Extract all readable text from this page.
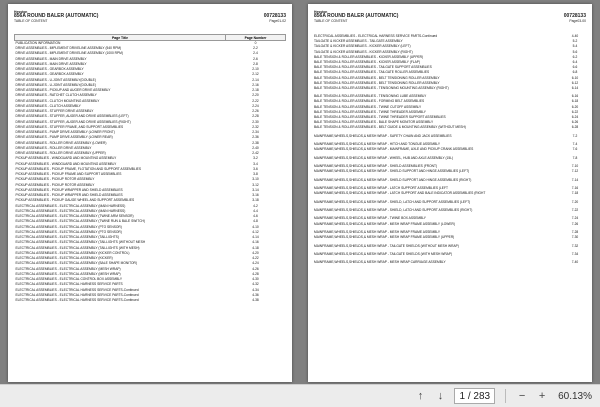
Hesston
856A ROUND BALER (AUTOMATIC)	00728133
TABLE OF CONTENT	Page01-02
Page Title	Page Number
PUBLICATION INFORMATION	0
DRIVE ASSEMBLIES - IMPLEMENT DRIVELINE ASSEMBLY (540 RPM)	2-2
DRIVE ASSEMBLIES - IMPLEMENT DRIVELINE ASSEMBLY (1000 RPM)	2-4
DRIVE ASSEMBLIES - MAIN DRIVE ASSEMBLY	2-6
DRIVE ASSEMBLIES - MAIN DRIVE ASSEMBLY	2-8
DRIVE ASSEMBLIES - GEARBOX ASSEMBLY	2-10
DRIVE ASSEMBLIES - GEARBOX ASSEMBLY	2-12
DRIVE ASSEMBLIES - U-JOINT ASSEMBLY(DOUBLE)	2-14
DRIVE ASSEMBLIES - U-JOINT ASSEMBLY(DOUBLE)	2-16
DRIVE ASSEMBLIES - PICKUP AND AUGER DRIVE ASSEMBLY	2-18
DRIVE ASSEMBLIES - RATCHET CLUTCH ASSEMBLY	2-20
DRIVE ASSEMBLIES - CLUTCH MOUNTING ASSEMBLY	2-22
DRIVE ASSEMBLIES - CLUTCH ASSEMBLY	2-24
DRIVE ASSEMBLIES - STUFFER DRIVE ASSEMBLY	2-26
DRIVE ASSEMBLIES - STUFFER, AUGER AND DRIVE ASSEMBLIES (LEFT)	2-28
DRIVE ASSEMBLIES - STUFFER, AUGER AND DRIVE ASSEMBLIES (RIGHT)	2-30
DRIVE ASSEMBLIES - STUFFER FRAME, AND SUPPORT ASSEMBLIES	2-32
DRIVE ASSEMBLIES - PUMP DRIVE ASSEMBLY (LOWER FRONT)	2-34
DRIVE ASSEMBLIES - PUMP DRIVE ASSEMBLY (LOWER REAR)	2-36
DRIVE ASSEMBLIES - ROLLER DRIVE ASSEMBLY (LOWER)	2-38
DRIVE ASSEMBLIES - ROLLER DRIVE ASSEMBLY	2-40
DRIVE ASSEMBLIES - ROLLER DRIVE ASSEMBLY (UPPER)	2-42
PICKUP ASSEMBLIES - WINDGUARD AND MOUNTING ASSEMBLY	3-2
PICKUP ASSEMBLIES - WINDGUARD AND MOUNTING ASSEMBLY	3-4
PICKUP ASSEMBLIES - PICKUP FRAME, FLOTATION AND SUPPORT ASSEMBLIES	3-6
PICKUP ASSEMBLIES - PICKUP FRAME AND SUPPORT ASSEMBLIES	3-8
PICKUP ASSEMBLIES - PICKUP ROTOR ASSEMBLY	3-10
PICKUP ASSEMBLIES - PICKUP ROTOR ASSEMBLY	3-12
PICKUP ASSEMBLIES - PICKUP WRAPPER AND SHIELD ASSEMBLIES	3-14
PICKUP ASSEMBLIES - PICKUP WRAPPER AND SHIELD ASSEMBLIES	3-16
PICKUP ASSEMBLIES - PICKUP GAUGE WHEEL AND SUPPORT ASSEMBLIES	3-18
ELECTRICAL ASSEMBLIES - ELECTRICAL ASSEMBLY (MAIN HARNESS)	4-2
ELECTRICAL ASSEMBLIES - ELECTRICAL ASSEMBLY (MAIN HARNESS)	4-4
ELECTRICAL ASSEMBLIES - ELECTRICAL ASSEMBLY (TWINE ARM SENSOR)	4-6
ELECTRICAL ASSEMBLIES - ELECTRICAL ASSEMBLY (TWINE RUN & BALE SWITCH)	4-8
ELECTRICAL ASSEMBLIES - ELECTRICAL ASSEMBLY (PTO SENSOR)	4-10
ELECTRICAL ASSEMBLIES - ELECTRICAL ASSEMBLY (PTO SENSOR)	4-12
ELECTRICAL ASSEMBLIES - ELECTRICAL ASSEMBLY (TAILLIGHTS)	4-14
ELECTRICAL ASSEMBLIES - ELECTRICAL ASSEMBLY (TAILLIGHTS (WITHOUT MESH	4-16
ELECTRICAL ASSEMBLIES - ELECTRICAL ASSEMBLY (TAILLIGHTS (WITH MESH)	4-18
ELECTRICAL ASSEMBLIES - ELECTRICAL ASSEMBLY (KICKER CONTROL)	4-20
ELECTRICAL ASSEMBLIES - ELECTRICAL ASSEMBLY (KICKER)	4-22
ELECTRICAL ASSEMBLIES - ELECTRICAL ASSEMBLY (BALE SHAPE MONITOR)	4-24
ELECTRICAL ASSEMBLIES - ELECTRICAL ASSEMBLY (MESH WRAP)	4-26
ELECTRICAL ASSEMBLIES - ELECTRICAL ASSEMBLY (MESH WRAP)	4-28
ELECTRICAL ASSEMBLIES - ELECTRICAL CONTROL BOX ASSEMBLY	4-30
ELECTRICAL ASSEMBLIES - ELECTRICAL HARNESS SERVICE PARTS	4-32
ELECTRICAL ASSEMBLIES - ELECTRICAL HARNESS SERVICE PARTS-Continued	4-34
ELECTRICAL ASSEMBLIES - ELECTRICAL HARNESS SERVICE PARTS-Continued	4-36
ELECTRICAL ASSEMBLIES - ELECTRICAL HARNESS SERVICE PARTS-Continued	4-38
Hesston
856A ROUND BALER (AUTOMATIC)	00728133
TABLE OF CONTENT	Page03-00
ELECTRICAL ASSEMBLIES - ELECTRICAL HARNESS SERVICE PARTS-Continued	4-40
TAILGATE & KICKER ASSEMBLIES - TAILGATE ASSEMBLY	5-2
TAILGATE & KICKER ASSEMBLIES - KICKER ASSEMBLY (LEFT)	5-4
TAILGATE & KICKER ASSEMBLIES - KICKER ASSEMBLY (RIGHT)	5-6
BALE TENSION & ROLLER ASSEMBLIES - KICKER ASSEMBLY (UPPER)	6-2
BALE TENSION & ROLLER ASSEMBLIES - KICKER ASSEMBLY (FLAP)	6-4
BALE TENSION & ROLLER ASSEMBLIES - TAILGATE SUPPORT ASSEMBLIES	6-6
BALE TENSION & ROLLER ASSEMBLIES - TAILGATE ROLLER ASSEMBLIES	6-8
BALE TENSION & ROLLER ASSEMBLIES - BELT TENSIONING ROLLER ASSEMBLY	6-10
BALE TENSION & ROLLER ASSEMBLIES - BELT TENSIONING ROLLER ASSEMBLY	6-12
BALE TENSION & ROLLER ASSEMBLIES - TENSIONING MOUNTING ASSEMBLY (RIGHT)	6-14
BALE TENSION & ROLLER ASSEMBLIES - TENSIONING LUBE ASSEMBLY	6-16
BALE TENSION & ROLLER ASSEMBLIES - FORMING BELT ASSEMBLIES	6-18
BALE TENSION & ROLLER ASSEMBLIES - TWINE CUTOFF ASSEMBLY	6-20
BALE TENSION & ROLLER ASSEMBLIES - TWINE THREADER ASSEMBLY	6-22
BALE TENSION & ROLLER ASSEMBLIES - TWINE THREADER SUPPORT ASSEMBLIES	6-24
BALE TENSION & ROLLER ASSEMBLIES - BALE SHAPE MONITOR ASSEMBLY	6-26
BALE TENSION & ROLLER ASSEMBLIES - BELT GUIDE & MOUNTING ASSEMBLY (WITHOUT MESH)	6-28
MAINFRAME,WHEELS,SHIELDS,& MESH WRAP - SAFETY CHAIN AND JACK ASSEMBLIES	7-2
MAINFRAME,WHEELS,SHIELDS,& MESH WRAP - HITCH AND TONGUE ASSEMBLY	7-4
MAINFRAME,WHEELS,SHIELDS,& MESH WRAP - MAINFRAME, AXLE AND PICKUP CRANK ASSEMBLIES	7-6
MAINFRAME,WHEELS,SHIELDS,& MESH WRAP - WHEEL, HUB AND AXLE ASSEMBLY (15L)	7-8
MAINFRAME,WHEELS,SHIELDS,& MESH WRAP - SHIELD ASSEMBLIES (FRONT)	7-10
MAINFRAME,WHEELS,SHIELDS,& MESH WRAP - SHIELD SUPPORT AND HINGE ASSEMBLIES (LEFT)	7-12
MAINFRAME,WHEELS,SHIELDS,& MESH WRAP - SHIELD SUPPORT AND HINGE ASSEMBLIES (RIGHT)	7-14
MAINFRAME,WHEELS,SHIELDS,& MESH WRAP - LATCH SUPPORT ASSEMBLIES (LEFT	7-16
MAINFRAME,WHEELS,SHIELDS,& MESH WRAP - LATCH SUPPORT AND BALE INDICATOR ASSEMBLIES (RIGHT	7-18
MAINFRAME,WHEELS,SHIELDS,& MESH WRAP - SHIELD, LATCH AND SUPPORT ASSEMBLIES (LEFT)	7-20
MAINFRAME,WHEELS,SHIELDS,& MESH WRAP - SHIELD, LATCH AND SUPPORT ASSEMBLIES (RIGHT)	7-22
MAINFRAME,WHEELS,SHIELDS,& MESH WRAP - TWINE BOX ASSEMBLY	7-24
MAINFRAME,WHEELS,SHIELDS,& MESH WRAP - MESH WRAP FRAME ASSEMBLY (LOWER)	7-26
MAINFRAME,WHEELS,SHIELDS,& MESH WRAP - MESH WRAP FRAME ASSEMBLY	7-28
MAINFRAME,WHEELS,SHIELDS,& MESH WRAP - MESH WRAP FRAME ASSEMBLY (UPPER)	7-30
MAINFRAME,WHEELS,SHIELDS,& MESH WRAP - TAILGATE SHIELDS (WITHOUT MESH WRAP)	7-32
MAINFRAME,WHEELS,SHIELDS,& MESH WRAP - TAILGATE SHIELDS (WITH MESH WRAP)	7-34
MAINFRAME,WHEELS,SHIELDS,& MESH WRAP - MESH WRAP CARRIAGE ASSEMBLY	7-40
↑	↓	1 / 283	−	+	60.13%
